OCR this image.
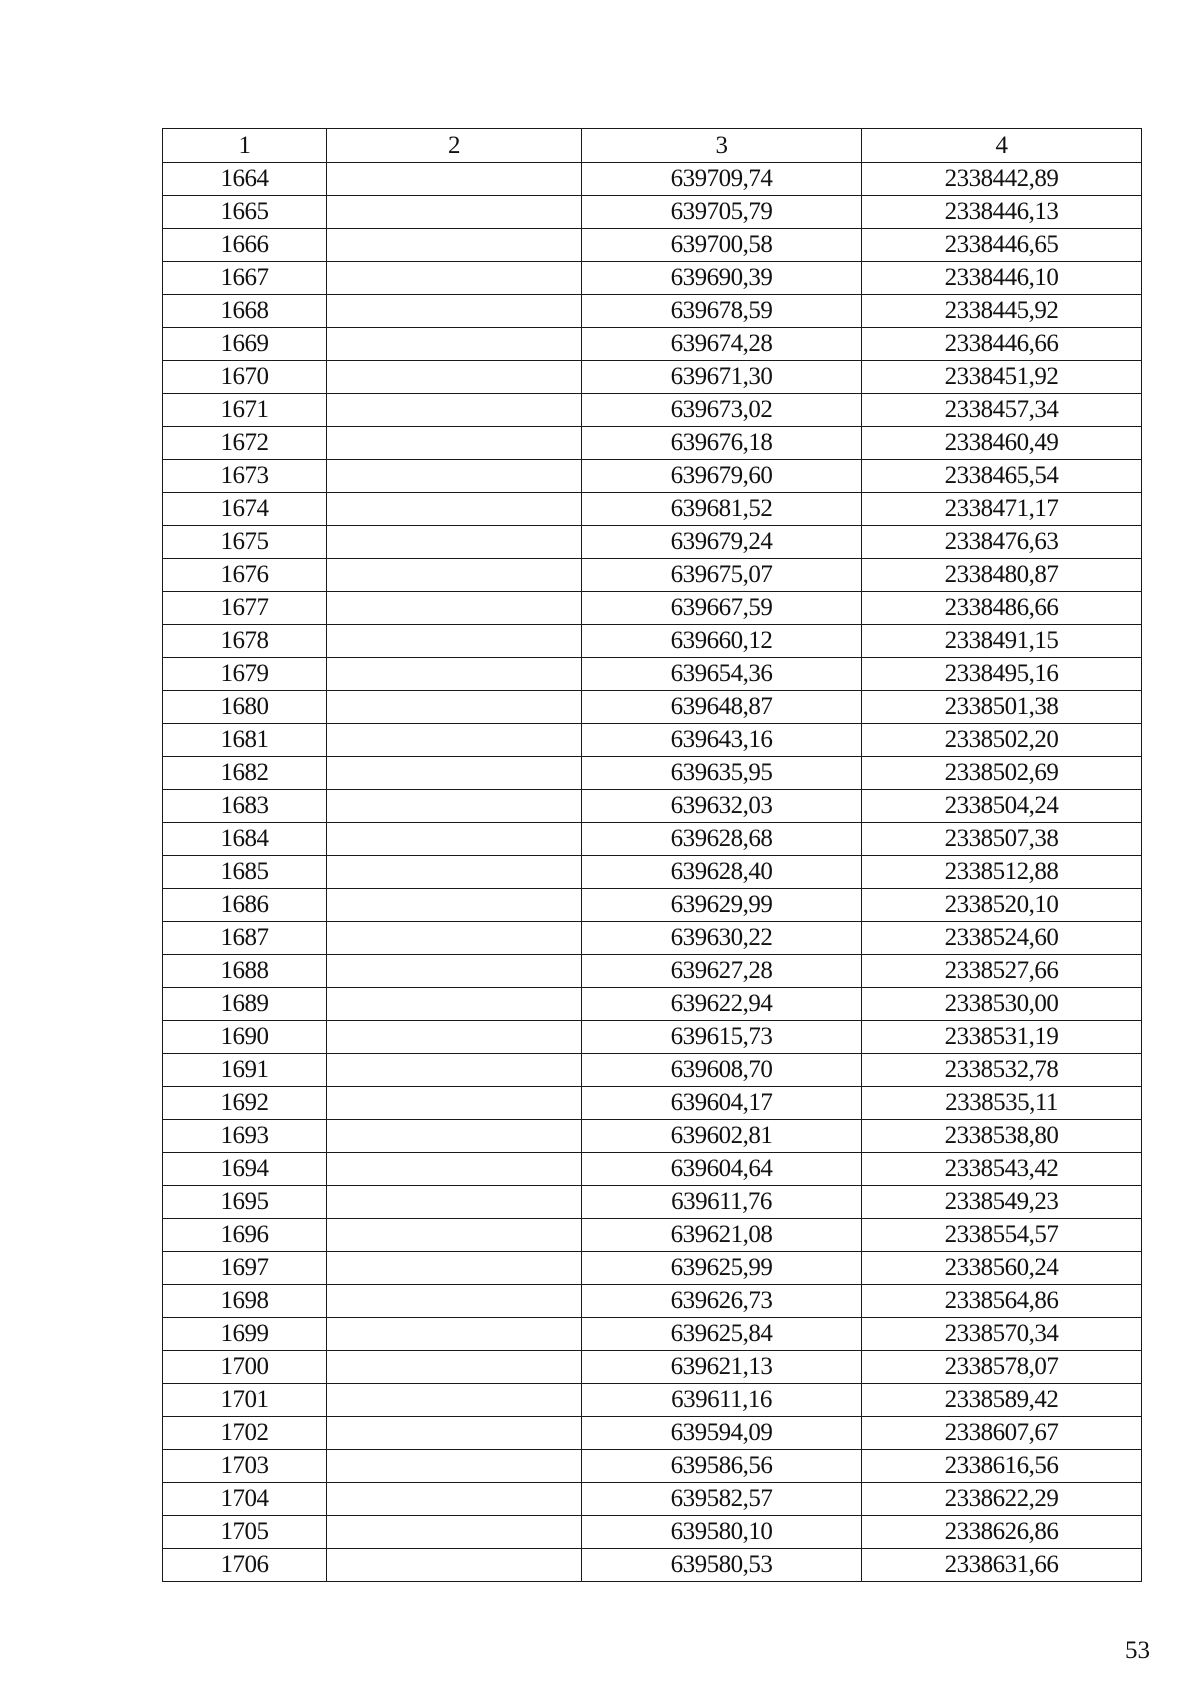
1	2	3	4
1664		639709,74	2338442,89
1665		639705,79	2338446,13
1666		639700,58	2338446,65
1667		639690,39	2338446,10
1668		639678,59	2338445,92
1669		639674,28	2338446,66
1670		639671,30	2338451,92
1671		639673,02	2338457,34
1672		639676,18	2338460,49
1673		639679,60	2338465,54
1674		639681,52	2338471,17
1675		639679,24	2338476,63
1676		639675,07	2338480,87
1677		639667,59	2338486,66
1678		639660,12	2338491,15
1679		639654,36	2338495,16
1680		639648,87	2338501,38
1681		639643,16	2338502,20
1682		639635,95	2338502,69
1683		639632,03	2338504,24
1684		639628,68	2338507,38
1685		639628,40	2338512,88
1686		639629,99	2338520,10
1687		639630,22	2338524,60
1688		639627,28	2338527,66
1689		639622,94	2338530,00
1690		639615,73	2338531,19
1691		639608,70	2338532,78
1692		639604,17	2338535,11
1693		639602,81	2338538,80
1694		639604,64	2338543,42
1695		639611,76	2338549,23
1696		639621,08	2338554,57
1697		639625,99	2338560,24
1698		639626,73	2338564,86
1699		639625,84	2338570,34
1700		639621,13	2338578,07
1701		639611,16	2338589,42
1702		639594,09	2338607,67
1703		639586,56	2338616,56
1704		639582,57	2338622,29
1705		639580,10	2338626,86
1706		639580,53	2338631,66
53
